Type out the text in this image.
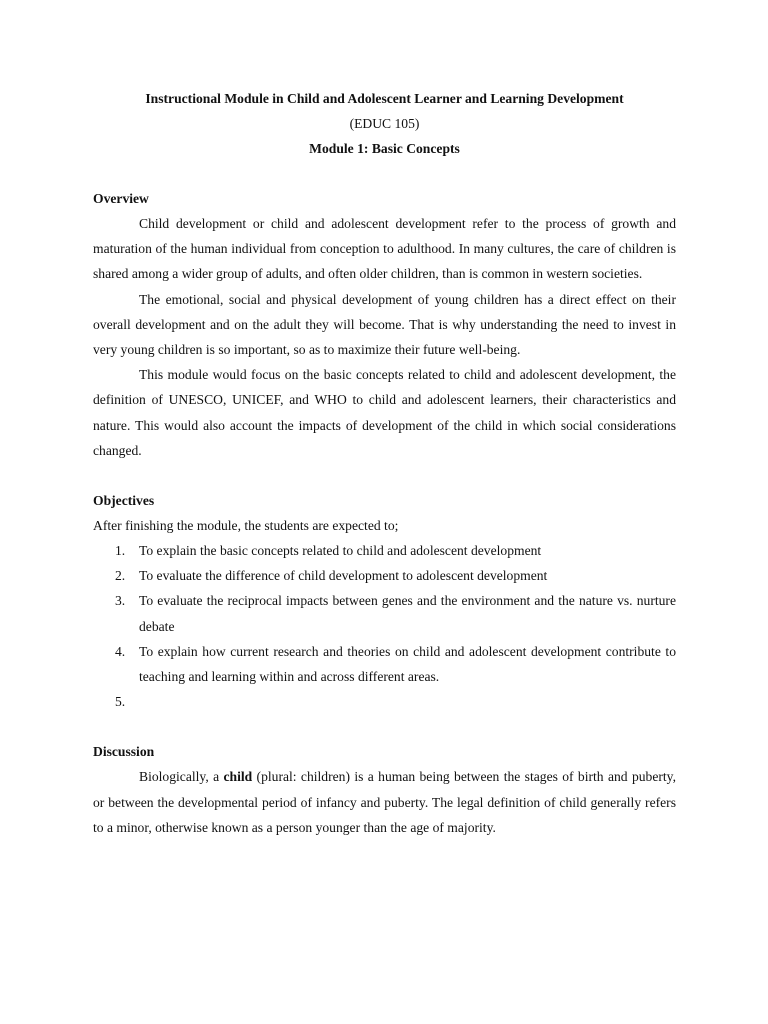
Instructional Module in Child and Adolescent Learner and Learning Development
(EDUC 105)
Module 1: Basic Concepts
Overview

Child development or child and adolescent development refer to the process of growth and maturation of the human individual from conception to adulthood. In many cultures, the care of children is shared among a wider group of adults, and often older children, than is common in western societies.

The emotional, social and physical development of young children has a direct effect on their overall development and on the adult they will become. That is why understanding the need to invest in very young children is so important, so as to maximize their future well-being.

This module would focus on the basic concepts related to child and adolescent development, the definition of UNESCO, UNICEF, and WHO to child and adolescent learners, their characteristics and nature. This would also account the impacts of development of the child in which social considerations changed.

Objectives

After finishing the module, the students are expected to;

1. To explain the basic concepts related to child and adolescent development
2. To evaluate the difference of child development to adolescent development
3. To evaluate the reciprocal impacts between genes and the environment and the nature vs. nurture debate
4. To explain how current research and theories on child and adolescent development contribute to teaching and learning within and across different areas.
5.

Discussion

Biologically, a child (plural: children) is a human being between the stages of birth and puberty, or between the developmental period of infancy and puberty. The legal definition of child generally refers to a minor, otherwise known as a person younger than the age of majority.
